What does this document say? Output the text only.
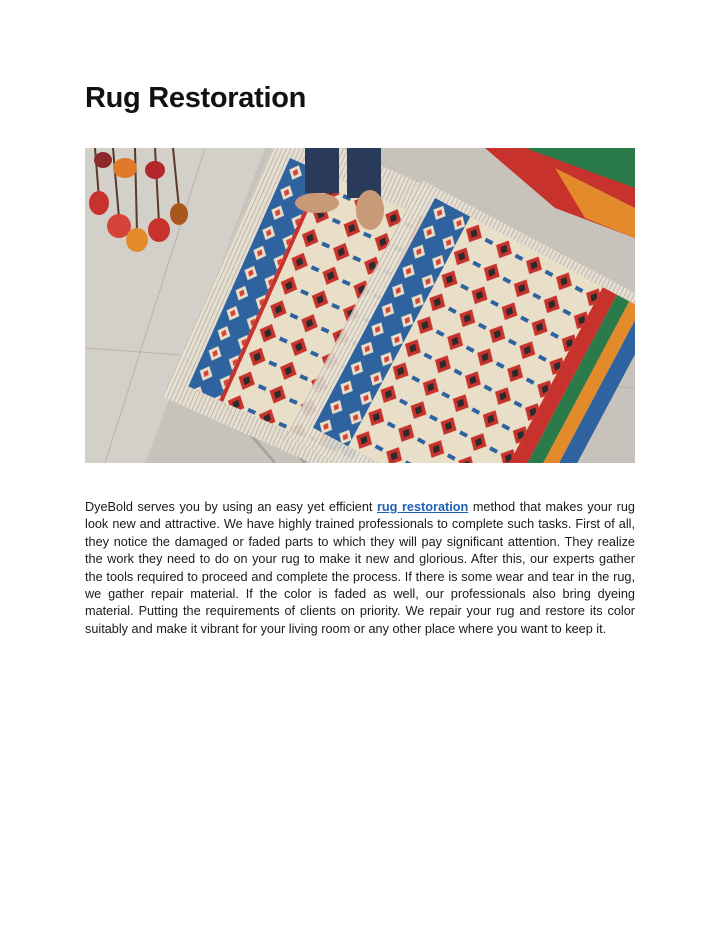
Rug Restoration

DyeBold serves you by using an easy yet efficient rug restoration method that makes your rug look new and attractive. We have highly trained professionals to complete such tasks. First of all, they notice the damaged or faded parts to which they will pay significant attention. They realize the work they need to do on your rug to make it new and glorious. After this, our experts gather the tools required to proceed and complete the process. If there is some wear and tear in the rug, we gather repair material. If the color is faded as well, our professionals also bring dyeing material. Putting the requirements of clients on priority. We repair your rug and restore its color suitably and make it vibrant for your living room or any other place where you want to keep it.
